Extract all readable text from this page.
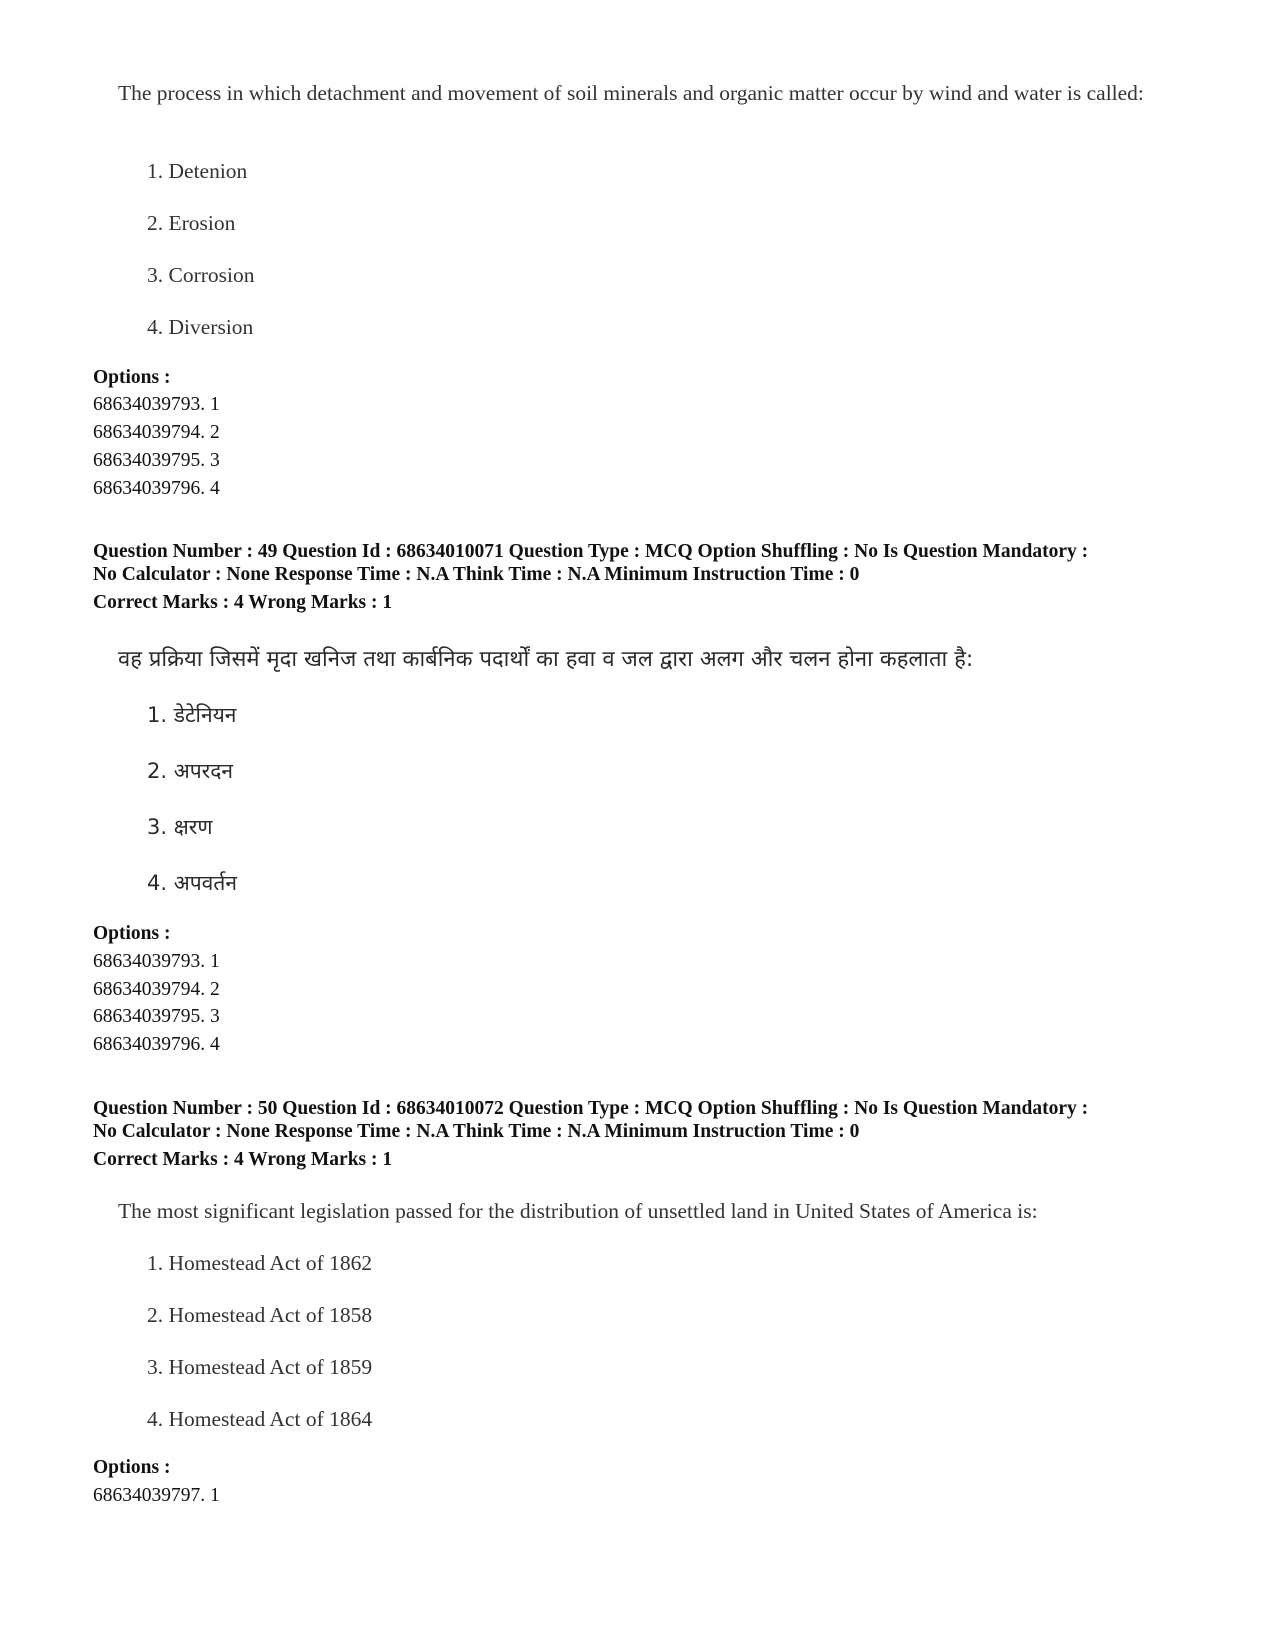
The process in which detachment and movement of soil minerals and organic matter occur by wind and water is called:
1. Detenion
2. Erosion
3. Corrosion
4. Diversion
Options :
68634039793. 1
68634039794. 2
68634039795. 3
68634039796. 4
Question Number : 49 Question Id : 68634010071 Question Type : MCQ Option Shuffling : No Is Question Mandatory :
No Calculator : None Response Time : N.A Think Time : N.A Minimum Instruction Time : 0
Correct Marks : 4 Wrong Marks : 1
वह प्रक्रिया जिसमें मृदा खनिज तथा कार्बनिक पदार्थों का हवा व जल द्वारा अलग और चलन होना कहलाता है:
1. डेटेनियन
2. अपरदन
3. क्षरण
4. अपवर्तन
Options :
68634039793. 1
68634039794. 2
68634039795. 3
68634039796. 4
Question Number : 50 Question Id : 68634010072 Question Type : MCQ Option Shuffling : No Is Question Mandatory :
No Calculator : None Response Time : N.A Think Time : N.A Minimum Instruction Time : 0
Correct Marks : 4 Wrong Marks : 1
The most significant legislation passed for the distribution of unsettled land in United States of America is:
1. Homestead Act of 1862
2. Homestead Act of 1858
3. Homestead Act of 1859
4. Homestead Act of 1864
Options :
68634039797. 1
